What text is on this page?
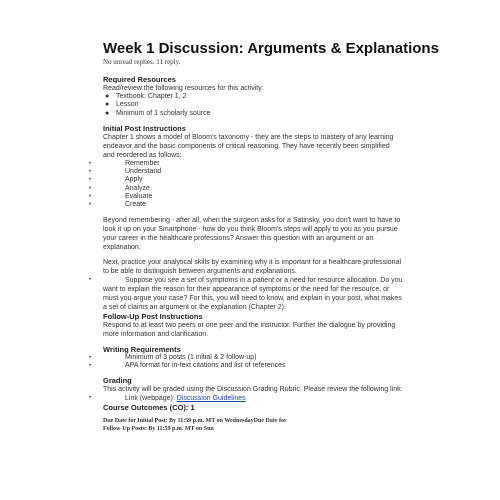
Week 1 Discussion: Arguments & Explanations

No unread replies. 11 reply.

Required Resources

Read/review the following resources for this activity:

● Textbook: Chapter 1, 2
● Lesson
● Minimum of 1 scholarly source

Initial Post Instructions

Chapter 1 shows a model of Bloom's taxonomy - they are the steps to mastery of any learning endeavor and the basic components of critical reasoning. They have recently been simplified and reordered as follows:

•	Remember
•	Understand
•	Apply
•	Analyze
•	Evaluate
•	Create

Beyond remembering - after all, when the surgeon asks for a Satinsky, you don't want to have to look it up on your Smartphone - how do you think Bloom's steps will apply to you as you pursue your career in the healthcare professions? Answer this question with an argument or an explanation.

Next, practice your analytical skills by examining why it is important for a healthcare professional to be able to distinguish between arguments and explanations.

•	Suppose you see a set of symptoms in a patient or a need for resource allocation. Do you want to explain the reason for their appearance of symptoms or the need for the resource, or must you argue your case? For this, you will need to know, and explain in your post, what makes a set of claims an argument or the explanation (Chapter 2).

Follow-Up Post Instructions

Respond to at least two peers or one peer and the instructor. Further the dialogue by providing more information and clarification.

Writing Requirements

•	Minimum of 3 posts (1 initial & 2 follow-up)
•	APA format for in-text citations and list of references

Grading

This activity will be graded using the Discussion Grading Rubric. Please review the following link:

•	Link (webpage): Discussion Guidelines

Course Outcomes (CO): 1

Due Date for Initial Post: By 11:59 p.m. MT on WednesdayDue Date for

Follow-Up Posts: By 11:59 p.m. MT on Sun
